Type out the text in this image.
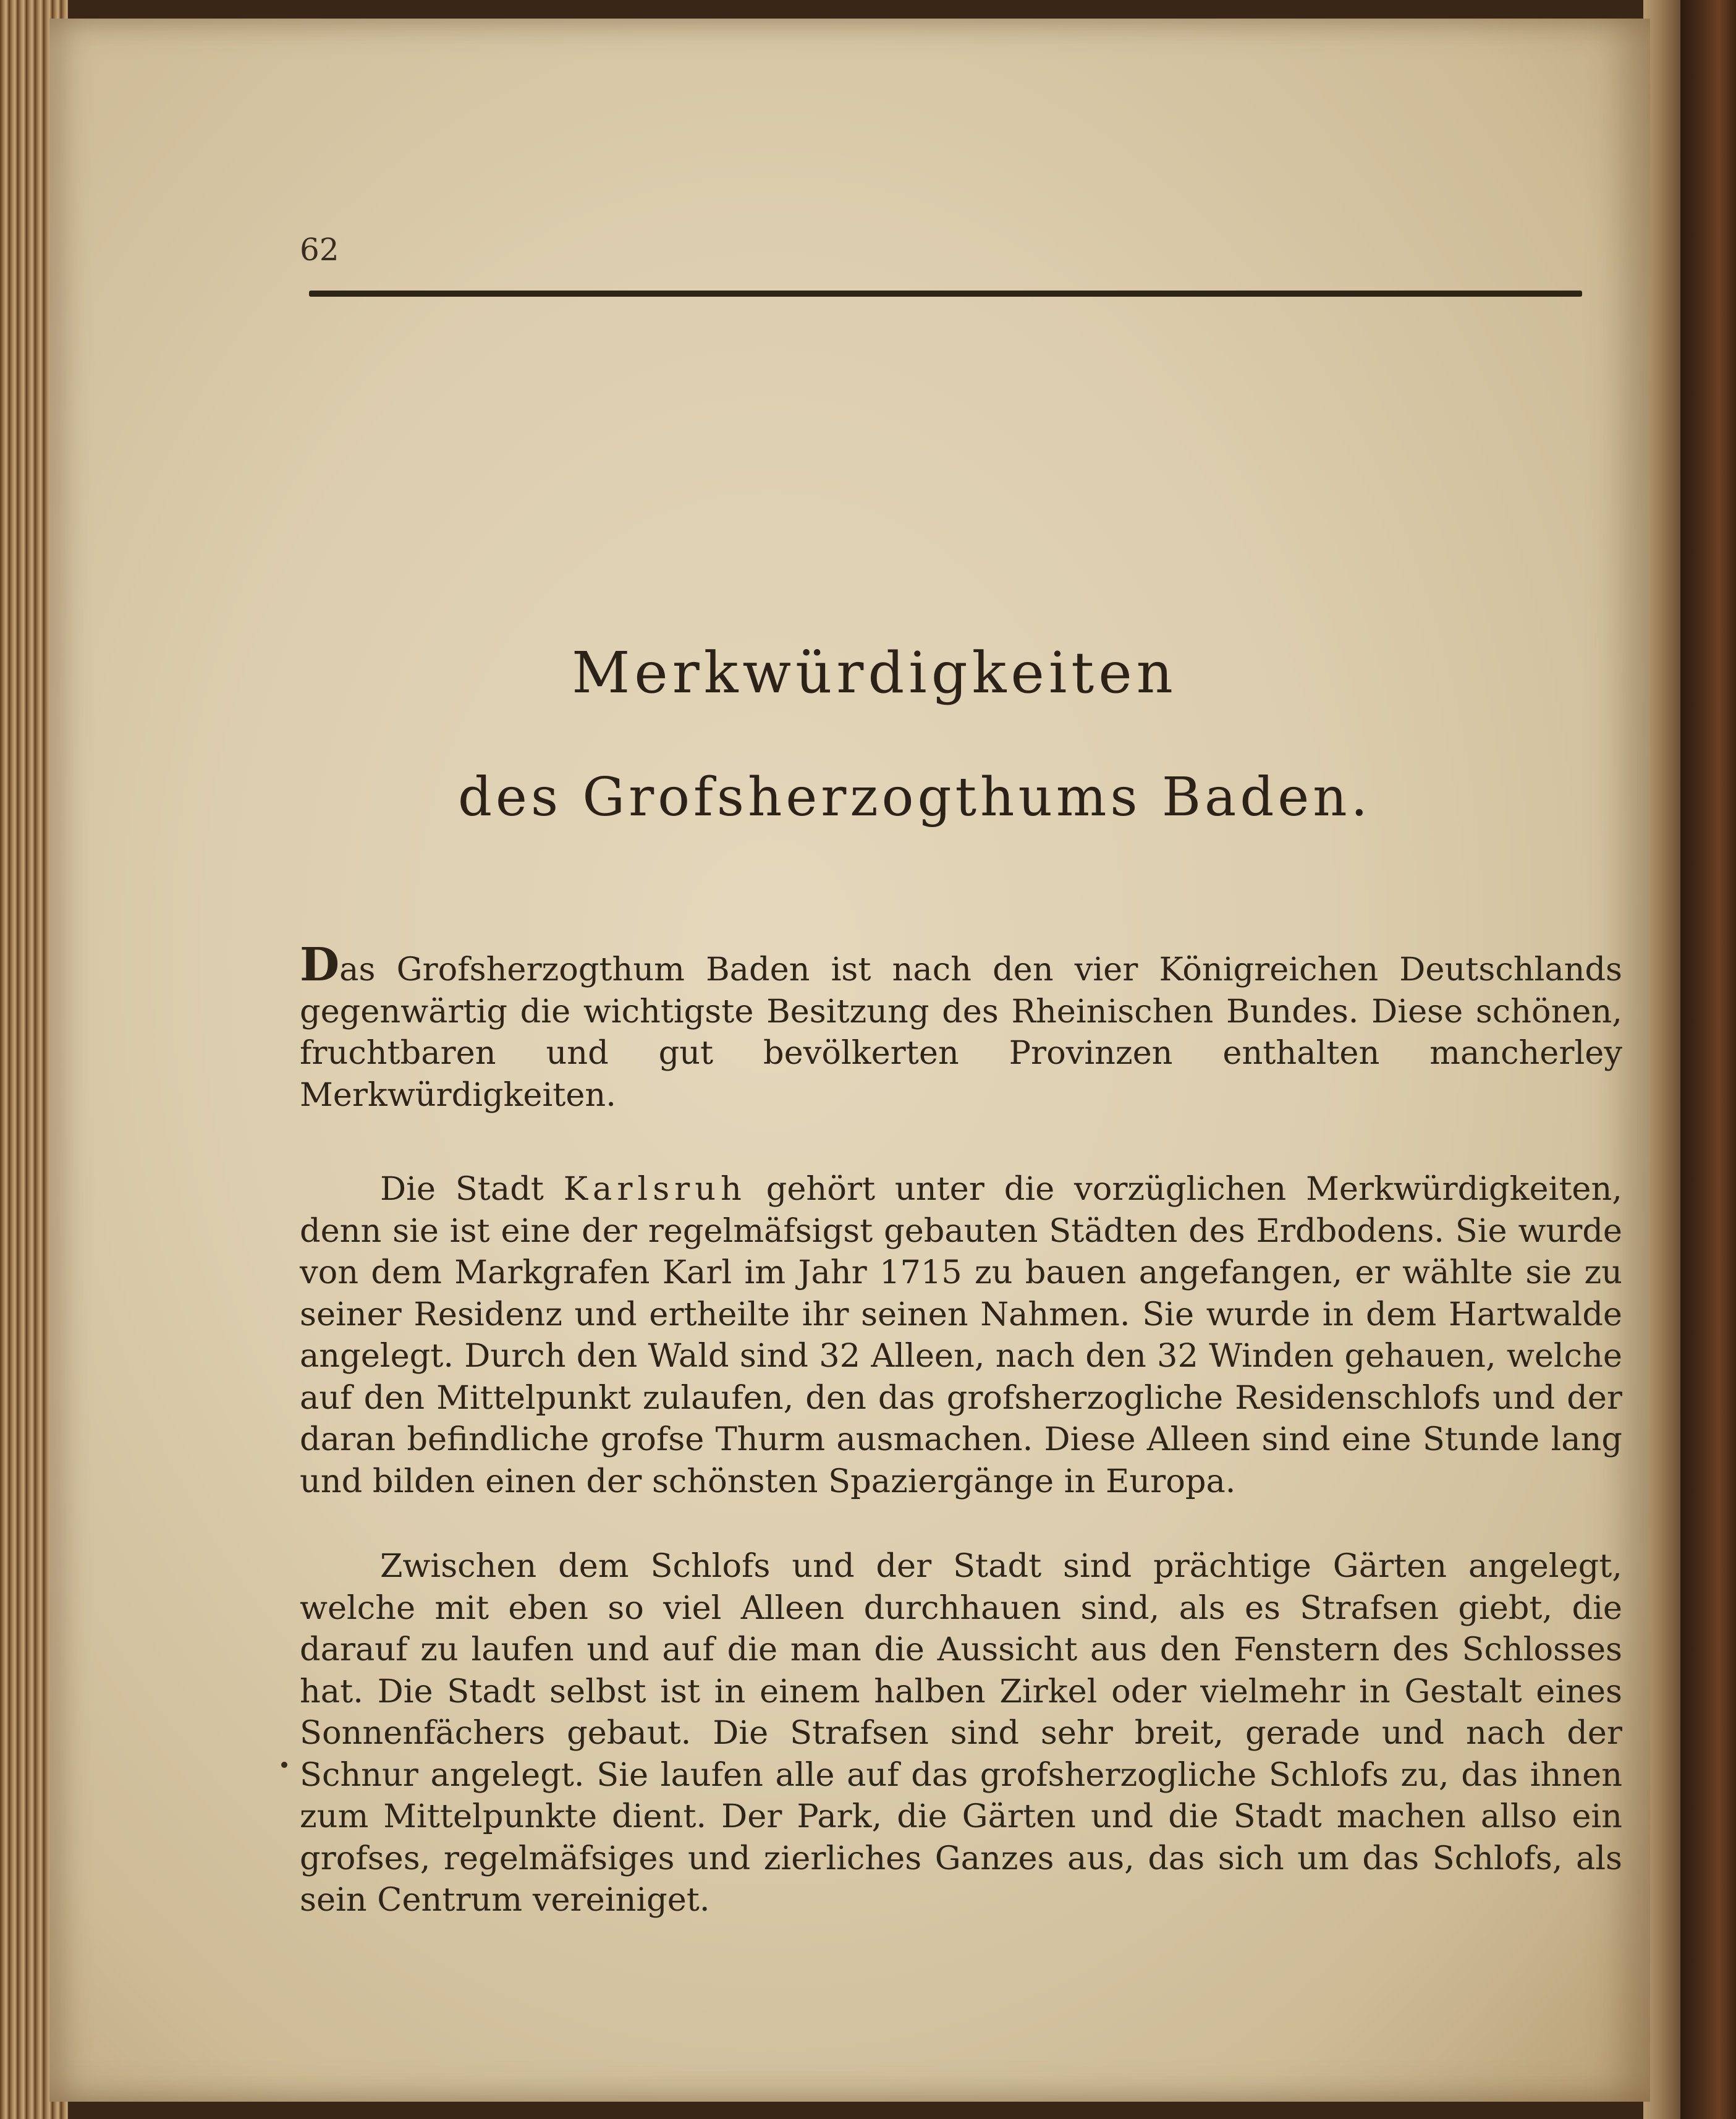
62
Merkwürdigkeiten
des Grofsherzogthums Baden.

Das Grofsherzogthum Baden ist nach den vier Königreichen Deutschlands gegenwärtig die wichtigste Besitzung des Rheinischen Bundes. Diese schönen, fruchtbaren und gut bevölkerten Provinzen enthalten mancherley Merkwürdigkeiten.

Die Stadt Karlsruh gehört unter die vorzüglichen Merkwürdigkeiten, denn sie ist eine der regelmäfsigst gebauten Städten des Erdbodens. Sie wurde von dem Markgrafen Karl im Jahr 1715 zu bauen angefangen, er wählte sie zu seiner Residenz und ertheilte ihr seinen Nahmen. Sie wurde in dem Hartwalde angelegt. Durch den Wald sind 32 Alleen, nach den 32 Winden gehauen, welche auf den Mittelpunkt zulaufen, den das grofsherzogliche Residenschlofs und der daran befindliche grofse Thurm ausmachen. Diese Alleen sind eine Stunde lang und bilden einen der schönsten Spaziergänge in Europa.

Zwischen dem Schlofs und der Stadt sind prächtige Gärten angelegt, welche mit eben so viel Alleen durchhauen sind, als es Strafsen giebt, die darauf zu laufen und auf die man die Aussicht aus den Fenstern des Schlosses hat. Die Stadt selbst ist in einem halben Zirkel oder vielmehr in Gestalt eines Sonnenfächers gebaut. Die Strafsen sind sehr breit, gerade und nach der Schnur angelegt. Sie laufen alle auf das grofsherzogliche Schlofs zu, das ihnen zum Mittelpunkte dient. Der Park, die Gärten und die Stadt machen allso ein grofses, regelmäfsiges und zierliches Ganzes aus, das sich um das Schlofs, als sein Centrum vereiniget.
